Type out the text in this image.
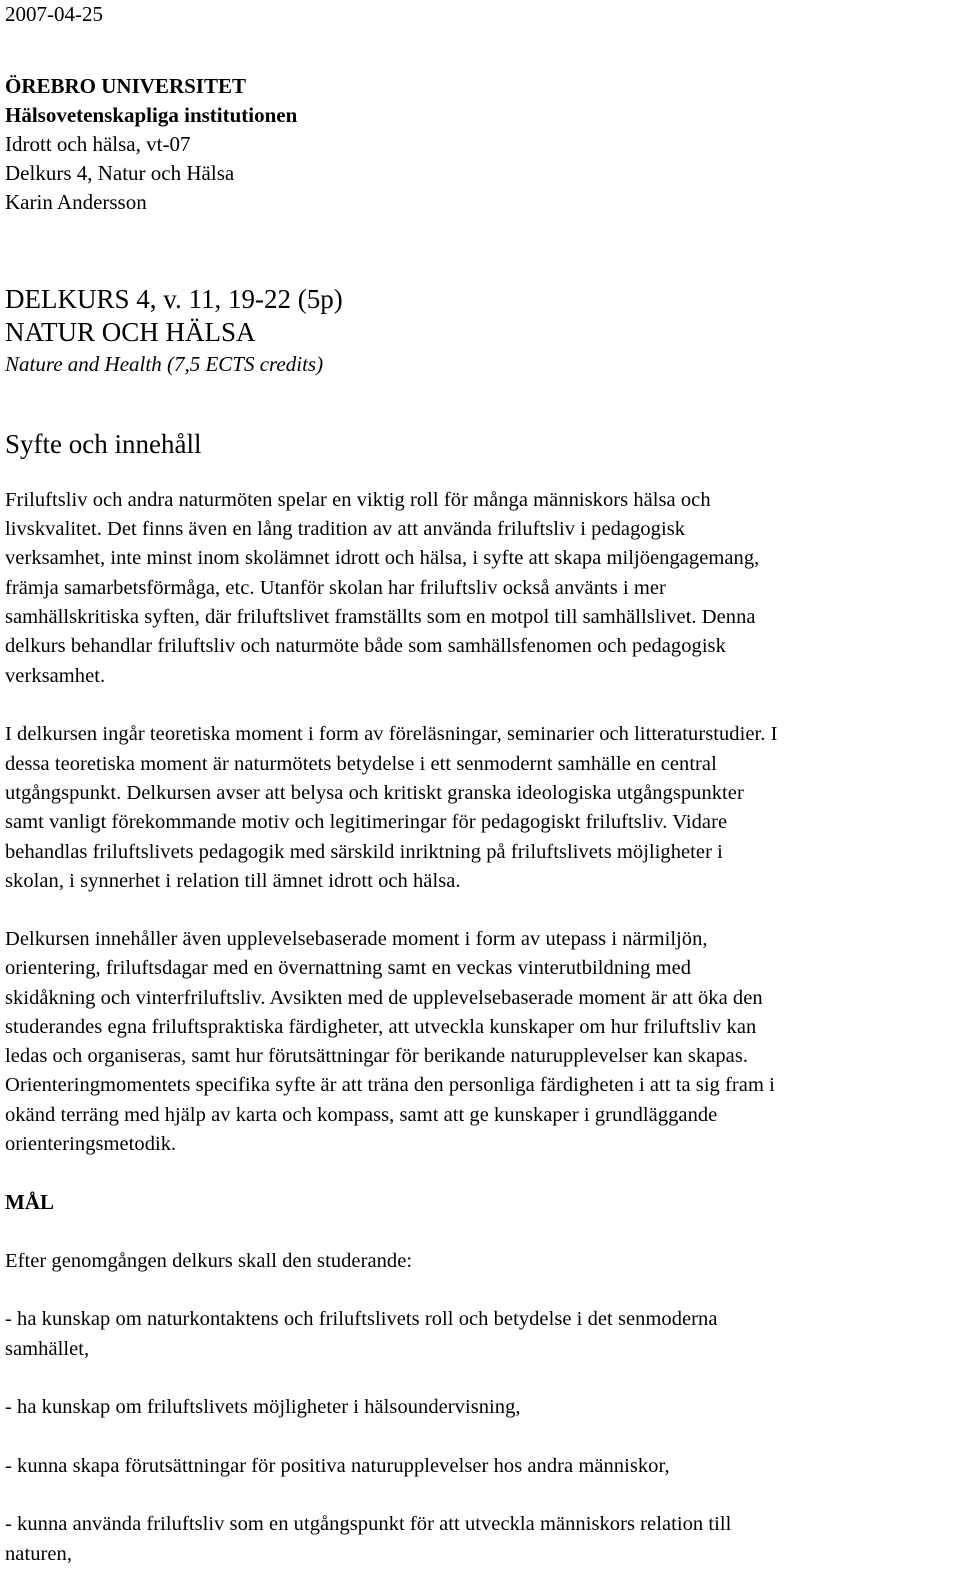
2007-04-25
ÖREBRO UNIVERSITET
Hälsovetenskapliga institutionen
Idrott och hälsa, vt-07
Delkurs 4, Natur och Hälsa
Karin Andersson
DELKURS 4, v. 11, 19-22 (5p)
NATUR OCH HÄLSA
Nature and Health (7,5 ECTS credits)
Syfte och innehåll
Friluftsliv och andra naturmöten spelar en viktig roll för många människors hälsa och
livskvalitet. Det finns även en lång tradition av att använda friluftsliv i pedagogisk
verksamhet, inte minst inom skolämnet idrott och hälsa, i syfte att skapa miljöengagemang,
främja samarbetsförmåga, etc. Utanför skolan har friluftsliv också använts i mer
samhällskritiska syften, där friluftslivet framställts som en motpol till samhällslivet. Denna
delkurs behandlar friluftsliv och naturmöte både som samhällsfenomen och pedagogisk
verksamhet.
I delkursen ingår teoretiska moment i form av föreläsningar, seminarier och litteraturstudier. I
dessa teoretiska moment är naturmötets betydelse i ett senmodernt samhälle en central
utgångspunkt. Delkursen avser att belysa och kritiskt granska ideologiska utgångspunkter
samt vanligt förekommande motiv och legitimeringar för pedagogiskt friluftsliv. Vidare
behandlas friluftslivets pedagogik med särskild inriktning på friluftslivets möjligheter i
skolan, i synnerhet i relation till ämnet idrott och hälsa.
Delkursen innehåller även upplevelsebaserade moment i form av utepass i närmiljön,
orientering, friluftsdagar med en övernattning samt en veckas vinterutbildning med
skidåkning och vinterfriluftsliv. Avsikten med de upplevelsebaserade moment är att öka den
studerandes egna friluftspraktiska färdigheter, att utveckla kunskaper om hur friluftsliv kan
ledas och organiseras, samt hur förutsättningar för berikande naturupplevelser kan skapas.
Orienteringmomentets specifika syfte är att träna den personliga färdigheten i att ta sig fram i
okänd terräng med hjälp av karta och kompass, samt att ge kunskaper i grundläggande
orienteringsmetodik.
MÅL
Efter genomgången delkurs skall den studerande:
- ha kunskap om naturkontaktens och friluftslivets roll och betydelse i det senmoderna
samhället,
- ha kunskap om friluftslivets möjligheter i hälsoundervisning,
- kunna skapa förutsättningar för positiva naturupplevelser hos andra människor,
- kunna använda friluftsliv som en utgångspunkt för att utveckla människors relation till
naturen,
